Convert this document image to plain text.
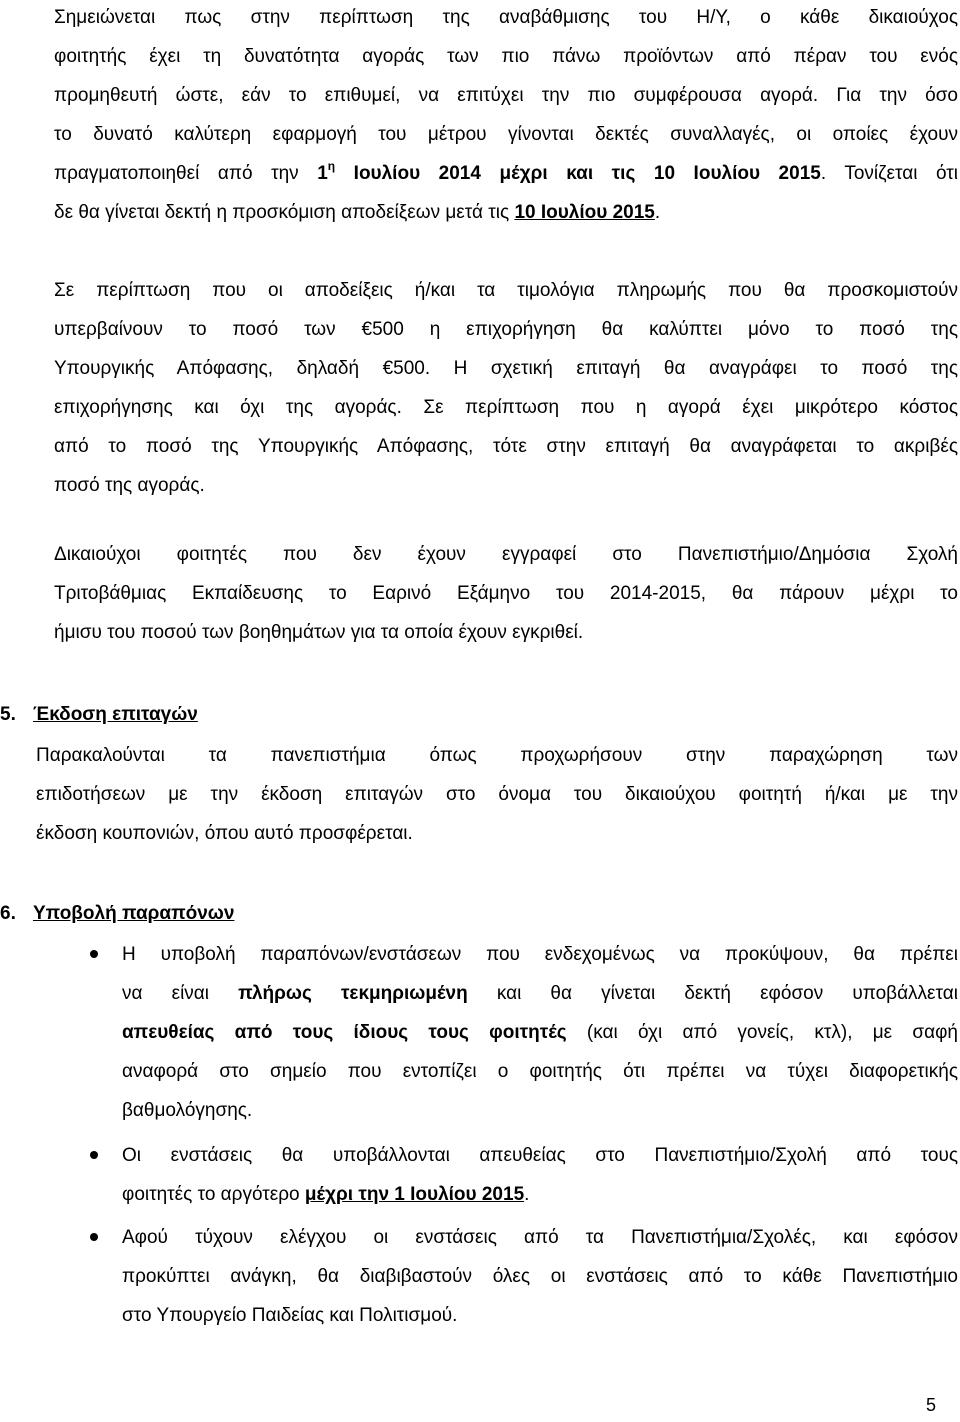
Σημειώνεται πως στην περίπτωση της αναβάθμισης του Η/Υ, ο κάθε δικαιούχος
φοιτητής έχει τη δυνατότητα αγοράς των πιο πάνω προϊόντων από πέραν του ενός
προμηθευτή ώστε, εάν το επιθυμεί, να επιτύχει την πιο συμφέρουσα αγορά. Για την όσο
το δυνατό καλύτερη εφαρμογή του μέτρου γίνονται δεκτές συναλλαγές, οι οποίες έχουν
πραγματοποιηθεί από την $1^\eta$ Ιουλίου 2014 μέχρι και τις 10 Ιουλίου 2015. Τονίζεται ότι
δε θα γίνεται δεκτή η προσκόμιση αποδείξεων μετά τις 10 Ιουλίου 2015.
Σε περίπτωση που οι αποδείξεις ή/και τα τιμολόγια πληρωμής που θα προσκομιστούν
υπερβαίνουν το ποσό των €500 η επιχορήγηση θα καλύπτει μόνο το ποσό της
Υπουργικής Απόφασης, δηλαδή €500. Η σχετική επιταγή θα αναγράφει το ποσό της
επιχορήγησης και όχι της αγοράς. Σε περίπτωση που η αγορά έχει μικρότερο κόστος
από το ποσό της Υπουργικής Απόφασης, τότε στην επιταγή θα αναγράφεται το ακριβές
ποσό της αγοράς.
Δικαιούχοι φοιτητές που δεν έχουν εγγραφεί στο Πανεπιστήμιο/Δημόσια Σχολή
Τριτοβάθμιας Εκπαίδευσης το Εαρινό Εξάμηνο του 2014-2015, θα πάρουν μέχρι το
ήμισυ του ποσού των βοηθημάτων για τα οποία έχουν εγκριθεί.
5. Έκδοση επιταγών
Παρακαλούνται τα πανεπιστήμια όπως προχωρήσουν στην παραχώρηση των
επιδοτήσεων με την έκδοση επιταγών στο όνομα του δικαιούχου φοιτητή ή/και με την
έκδοση κουπονιών, όπου αυτό προσφέρεται.
6. Υποβολή παραπόνων
Η υποβολή παραπόνων/ενστάσεων που ενδεχομένως να προκύψουν, θα πρέπει
να είναι πλήρως τεκμηριωμένη και θα γίνεται δεκτή εφόσον υποβάλλεται
απευθείας από τους ίδιους τους φοιτητές (και όχι από γονείς, κτλ), με σαφή
αναφορά στο σημείο που εντοπίζει ο φοιτητής ότι πρέπει να τύχει διαφορετικής
βαθμολόγησης.
Οι ενστάσεις θα υποβάλλονται απευθείας στο Πανεπιστήμιο/Σχολή από τους
φοιτητές το αργότερο μέχρι την 1 Ιουλίου 2015.
Αφού τύχουν ελέγχου οι ενστάσεις από τα Πανεπιστήμια/Σχολές, και εφόσον
προκύπτει ανάγκη, θα διαβιβαστούν όλες οι ενστάσεις από το κάθε Πανεπιστήμιο
στο Υπουργείο Παιδείας και Πολιτισμού.
5
